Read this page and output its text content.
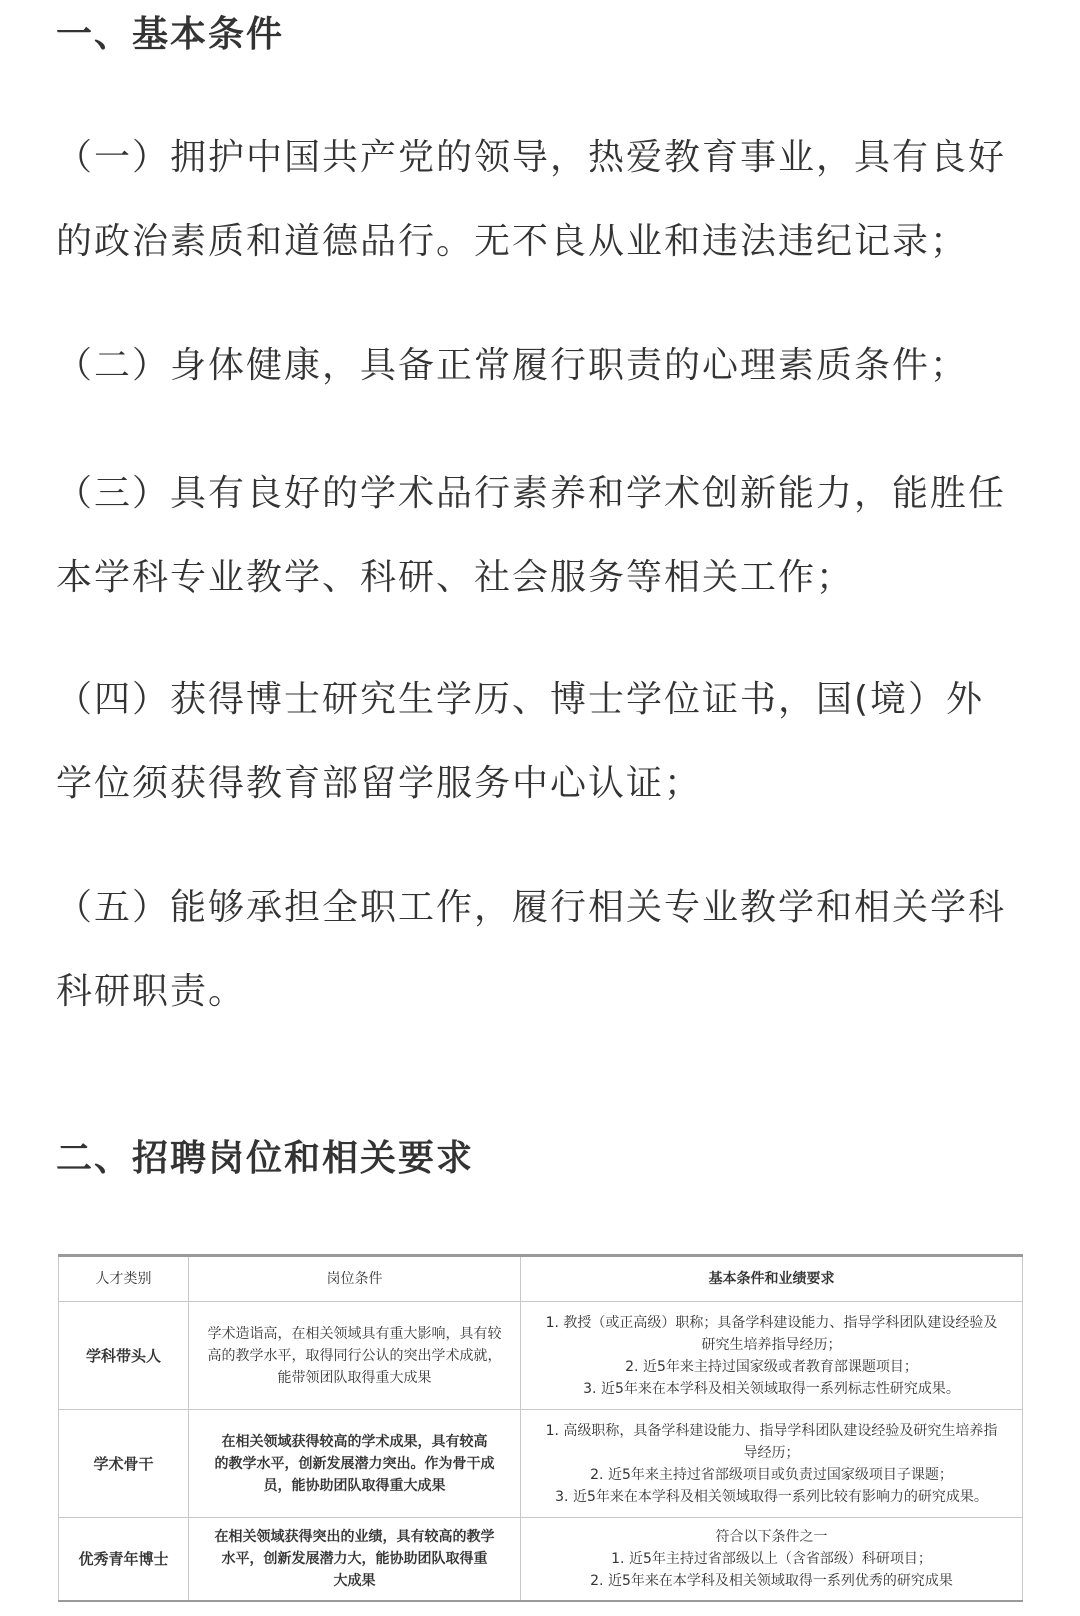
一、基本条件
（一）拥护中国共产党的领导，热爱教育事业，具有良好
的政治素质和道德品行。无不良从业和违法违纪记录；
（二）身体健康，具备正常履行职责的心理素质条件；
（三）具有良好的学术品行素养和学术创新能力，能胜任
本学科专业教学、科研、社会服务等相关工作；
（四）获得博士研究生学历、博士学位证书，国(境）外
学位须获得教育部留学服务中心认证；
（五）能够承担全职工作，履行相关专业教学和相关学科
科研职责。
二、招聘岗位和相关要求
人才类别	岗位条件	基本条件和业绩要求
学科带头人	学术造诣高，在相关领域具有重大影响，具有较
高的教学水平，取得同行公认的突出学术成就，
能带领团队取得重大成果	1. 教授（或正高级）职称；具备学科建设能力、指导学科团队建设经验及
研究生培养指导经历；
2. 近5年来主持过国家级或者教育部课题项目；
3. 近5年来在本学科及相关领域取得一系列标志性研究成果。

学术骨干	在相关领域获得较高的学术成果，具有较高
的教学水平，创新发展潜力突出。作为骨干成
员，能协助团队取得重大成果	1. 高级职称，具备学科建设能力、指导学科团队建设经验及研究生培养指
导经历；
2. 近5年来主持过省部级项目或负责过国家级项目子课题；
3. 近5年来在本学科及相关领域取得一系列比较有影响力的研究成果。

优秀青年博士	在相关领域获得突出的业绩，具有较高的教学
水平，创新发展潜力大，能协助团队取得重
大成果	符合以下条件之一
1. 近5年主持过省部级以上（含省部级）科研项目；
2. 近5年来在本学科及相关领域取得一系列优秀的研究成果
